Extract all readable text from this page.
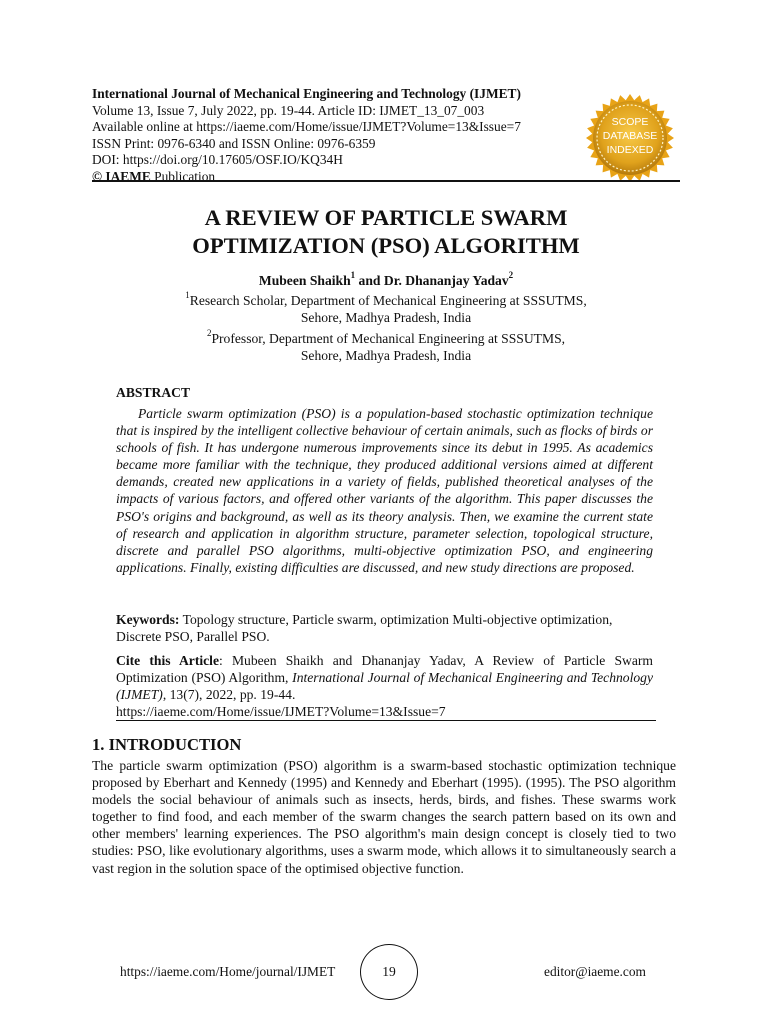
International Journal of Mechanical Engineering and Technology (IJMET)
Volume 13, Issue 7, July 2022, pp. 19-44. Article ID: IJMET_13_07_003
Available online at https://iaeme.com/Home/issue/IJMET?Volume=13&Issue=7
ISSN Print: 0976-6340 and ISSN Online: 0976-6359
DOI: https://doi.org/10.17605/OSF.IO/KQ34H
© IAEME Publication
SCOPE
DATABASE
INDEXED
A REVIEW OF PARTICLE SWARM
OPTIMIZATION (PSO) ALGORITHM
Mubeen Shaikh$^1$ and Dr. Dhananjay Yadav$^2$
$^1$Research Scholar, Department of Mechanical Engineering at SSSUTMS,
Sehore, Madhya Pradesh, India
$^2$Professor, Department of Mechanical Engineering at SSSUTMS,
Sehore, Madhya Pradesh, India
ABSTRACT
Particle swarm optimization (PSO) is a population-based stochastic optimization technique that is inspired by the intelligent collective behaviour of certain animals, such as flocks of birds or schools of fish. It has undergone numerous improvements since its debut in 1995. As academics became more familiar with the technique, they produced additional versions aimed at different demands, created new applications in a variety of fields, published theoretical analyses of the impacts of various factors, and offered other variants of the algorithm. This paper discusses the PSO's origins and background, as well as its theory analysis. Then, we examine the current state of research and application in algorithm structure, parameter selection, topological structure, discrete and parallel PSO algorithms, multi-objective optimization PSO, and engineering applications. Finally, existing difficulties are discussed, and new study directions are proposed.
Keywords: Topology structure, Particle swarm, optimization Multi-objective optimization, Discrete PSO, Parallel PSO.
Cite this Article: Mubeen Shaikh and Dhananjay Yadav, A Review of Particle Swarm Optimization (PSO) Algorithm, International Journal of Mechanical Engineering and Technology (IJMET), 13(7), 2022, pp. 19-44.
https://iaeme.com/Home/issue/IJMET?Volume=13&Issue=7
1. INTRODUCTION
The particle swarm optimization (PSO) algorithm is a swarm-based stochastic optimization technique proposed by Eberhart and Kennedy (1995) and Kennedy and Eberhart (1995). (1995). The PSO algorithm models the social behaviour of animals such as insects, herds, birds, and fishes. These swarms work together to find food, and each member of the swarm changes the search pattern based on its own and other members' learning experiences. The PSO algorithm's main design concept is closely tied to two studies: PSO, like evolutionary algorithms, uses a swarm mode, which allows it to simultaneously search a vast region in the solution space of the optimised objective function.
https://iaeme.com/Home/journal/IJMET	19	editor@iaeme.com
